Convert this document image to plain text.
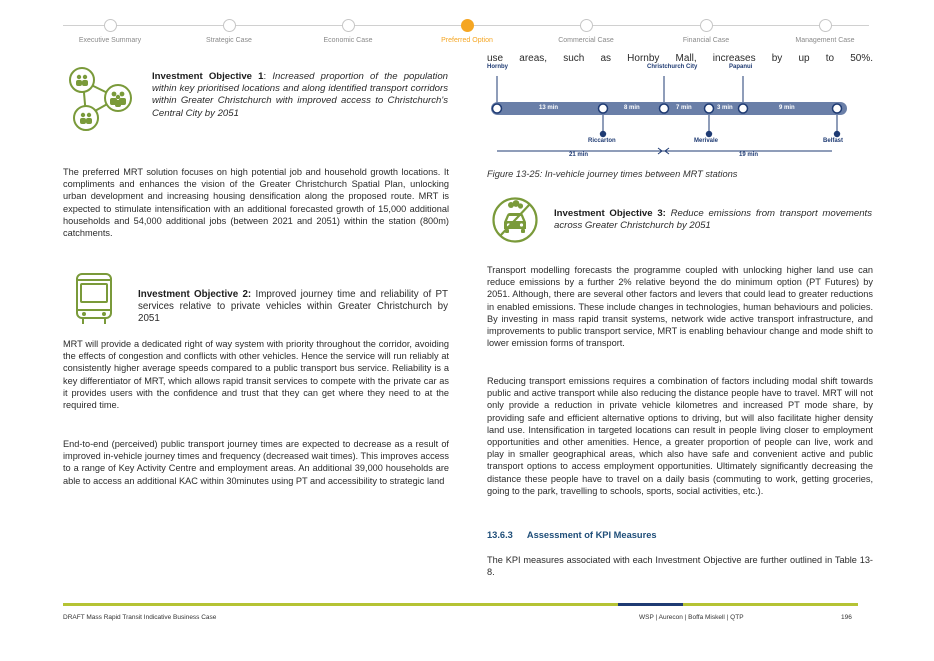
Executive Summary	Strategic Case	Economic Case	Preferred Option	Commercial Case	Financial Case	Management Case
Investment Objective 1: Increased proportion of the population within key prioritised locations and along identified transport corridors within Greater Christchurch with improved access to Christchurch's Central City by 2051

The preferred MRT solution focuses on high potential job and household growth locations. It compliments and enhances the vision of the Greater Christchurch Spatial Plan, unlocking urban development and increasing housing densification along the proposed route. MRT is expected to stimulate intensification with an additional forecasted growth of 15,000 additional households and 54,000 additional jobs (between 2021 and 2051) within the station (800m) catchments.

Investment Objective 2: Improved journey time and reliability of PT services relative to private vehicles within Greater Christchurch by 2051

MRT will provide a dedicated right of way system with priority throughout the corridor, avoiding the effects of congestion and conflicts with other vehicles. Hence the service will run reliably at consistently higher average speeds compared to a public transport bus service. Reliability is a key differentiator of MRT, which allows rapid transit services to compete with the private car as it provides users with the confidence and trust that they can get where they need to at the required time.

End-to-end (perceived) public transport journey times are expected to decrease as a result of improved in-vehicle journey times and frequency (decreased wait times). This improves access to a range of Key Activity Centre and employment areas. An additional 39,000 households are able to access an additional KAC within 30minutes using PT and accessibility to strategic land

use areas, such as Hornby Mall, increases by up to 50%.

Hornby	Christchurch City	Papanui
Riccarton	Merivale	Belfast
13 min	8 min	7 min	3 min	9 min
21 min	19 min
Figure 13-25: In-vehicle journey times between MRT stations
Investment Objective 3: Reduce emissions from transport movements across Greater Christchurch by 2051

Transport modelling forecasts the programme coupled with unlocking higher land use can reduce emissions by a further 2% relative beyond the do minimum option (PT Futures) by 2051. Although, there are several other factors and levers that could lead to greater reductions in enabled emissions. These include changes in technologies, human behaviours and policies. By investing in mass rapid transit systems, network wide active transport infrastructure, and improvements to public transport service, MRT is enabling behaviour change and mode shift to lower emission forms of transport.

Reducing transport emissions requires a combination of factors including modal shift towards public and active transport while also reducing the distance people have to travel. MRT will not only provide a reduction in private vehicle kilometres and increased PT mode share, by providing safe and efficient alternative options to driving, but will also facilitate higher density land use. Intensification in targeted locations can result in people living closer to employment opportunities and other amenities. Hence, a greater proportion of people can live, work and play in smaller geographical areas, which also have safe and convenient active and public transport options to access employment opportunities. Ultimately significantly decreasing the distance these people have to travel on a daily basis (commuting to work, getting groceries, going to the park, travelling to schools, sports, social activities, etc.).

13.6.3 Assessment of KPI Measures

The KPI measures associated with each Investment Objective are further outlined in Table 13-8.

DRAFT Mass Rapid Transit Indicative Business Case	WSP | Aurecon | Boffa Miskell | QTP	196
